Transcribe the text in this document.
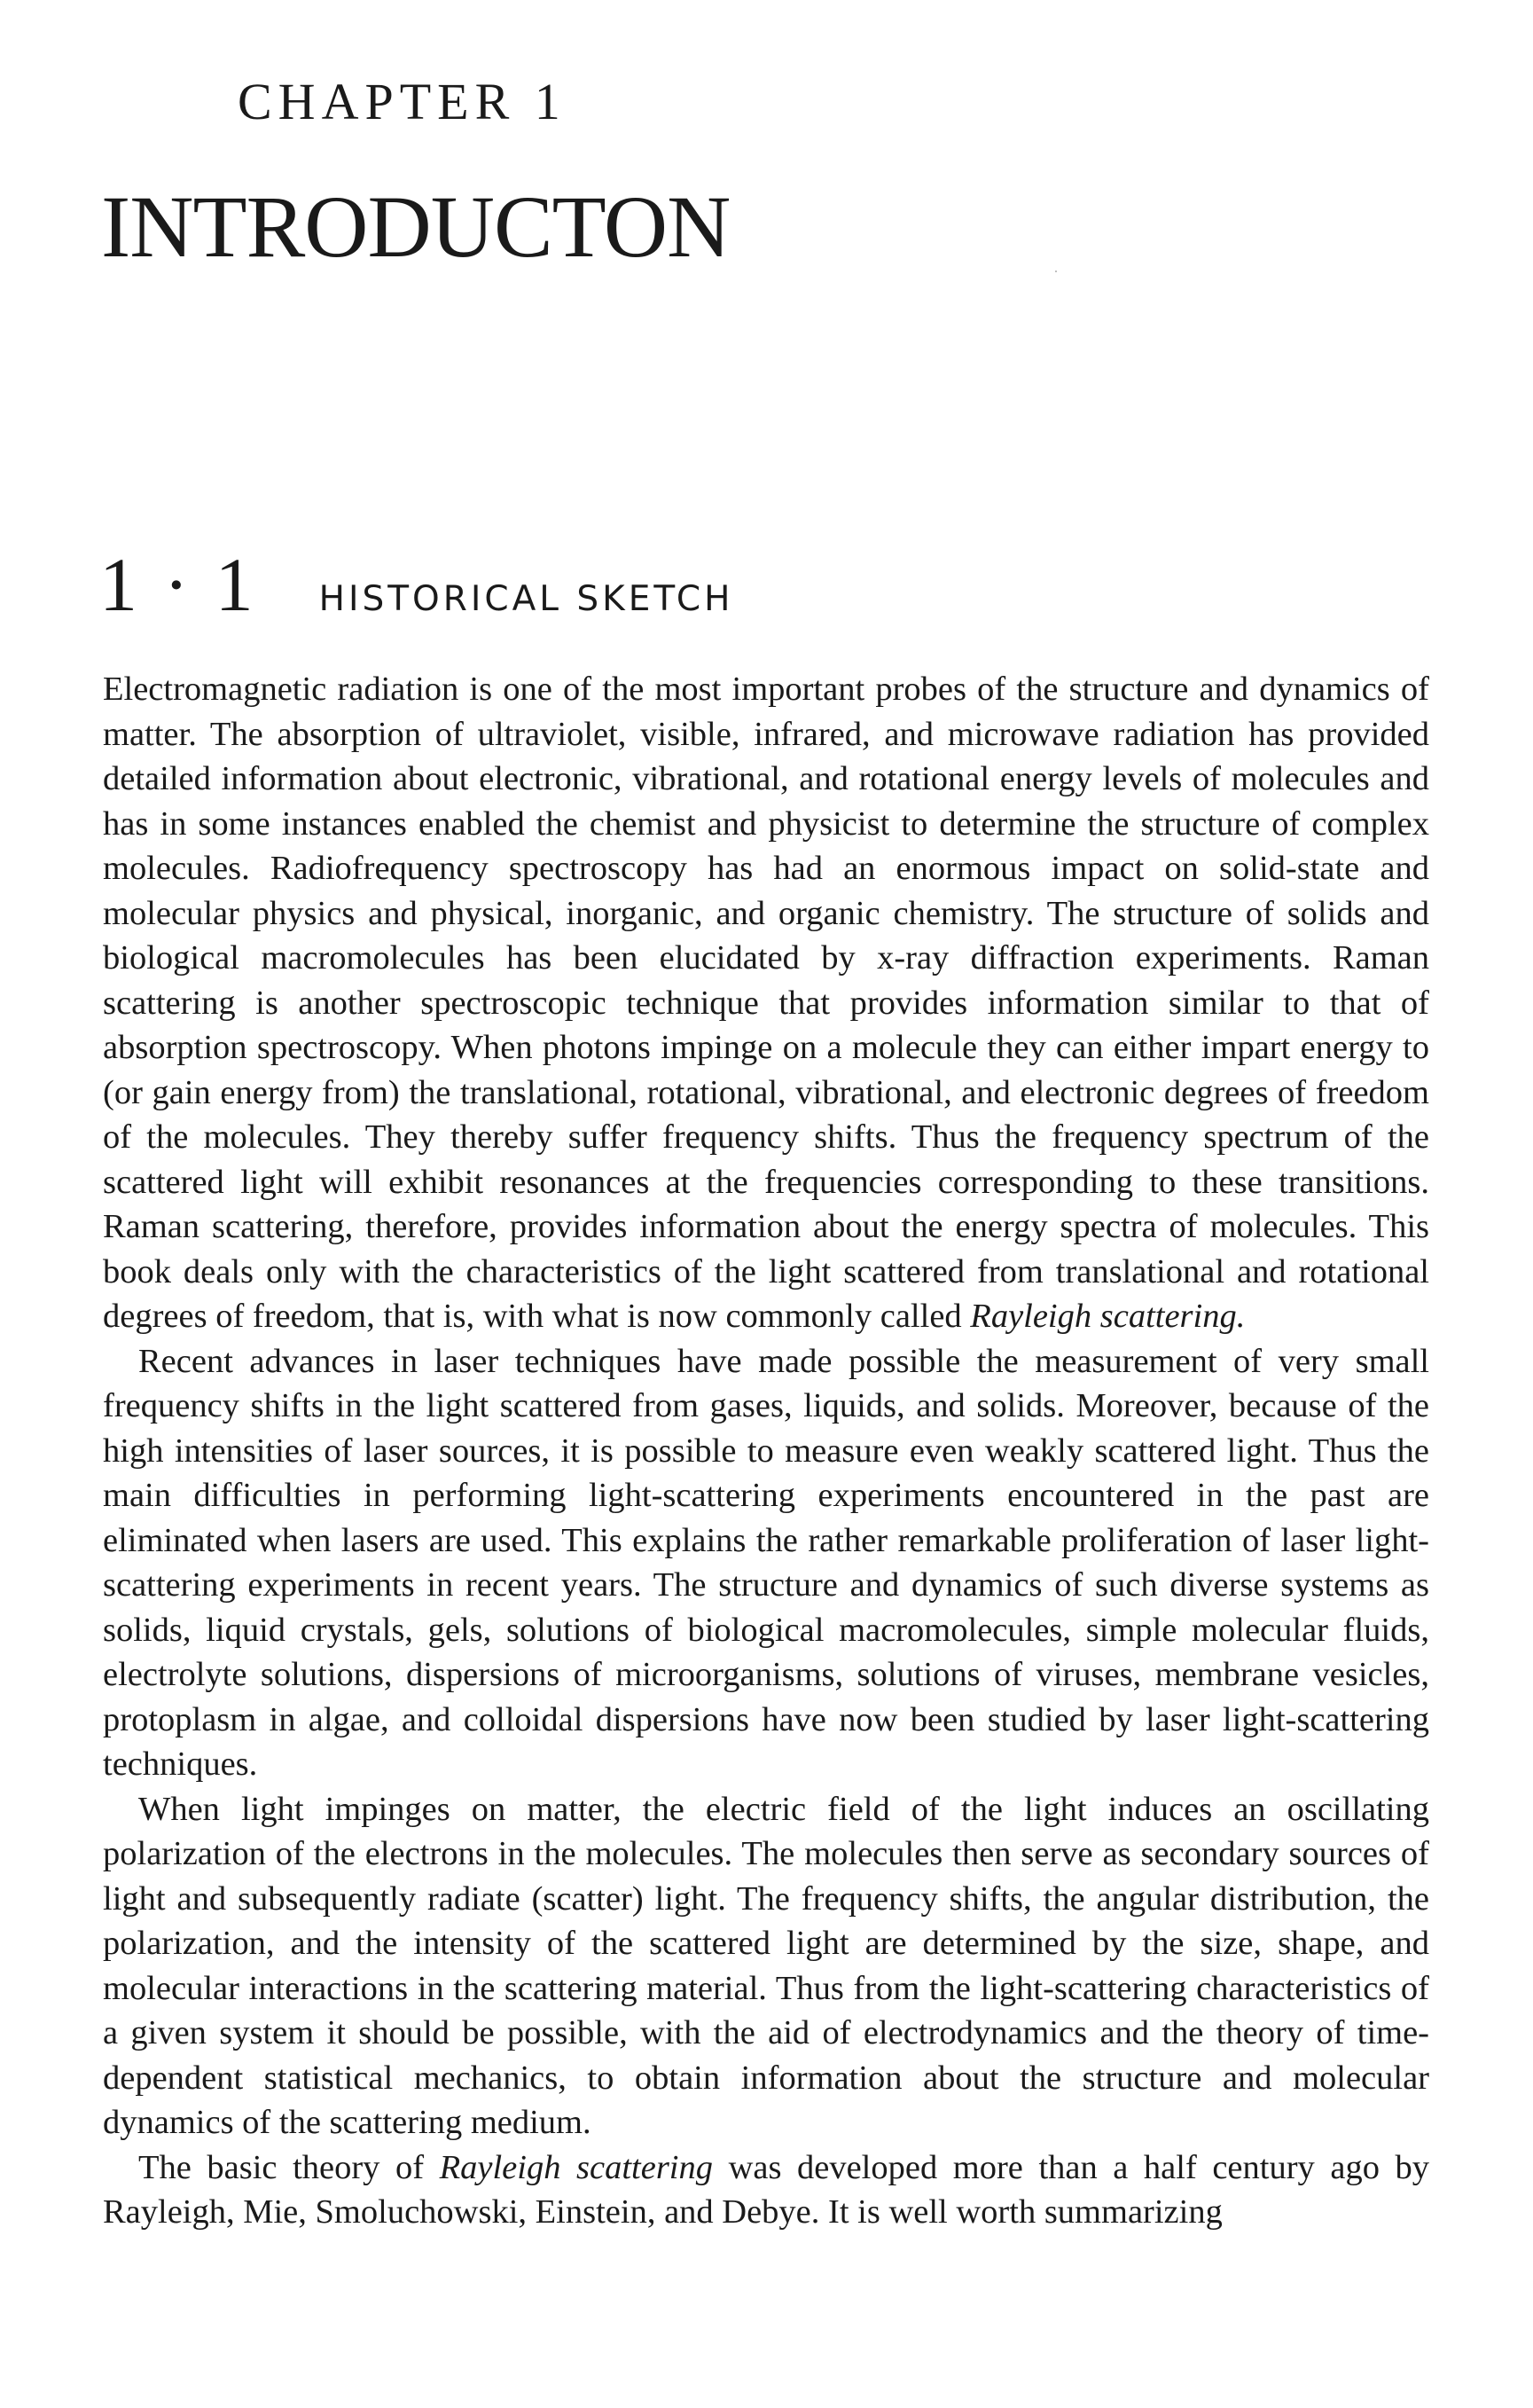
CHAPTER 1
INTRODUCTON
1 · 1 HISTORICAL SKETCH

Electromagnetic radiation is one of the most important probes of the structure and dynamics of matter. The absorption of ultraviolet, visible, infrared, and microwave radiation has provided detailed information about electronic, vibrational, and rotational energy levels of molecules and has in some instances enabled the chemist and physicist to determine the structure of complex molecules. Radiofrequency spectroscopy has had an enormous impact on solid-state and molecular physics and physical, inorganic, and organic chemistry. The structure of solids and biological macromolecules has been elucidated by x-ray diffraction experiments. Raman scattering is another spectroscopic technique that provides information similar to that of absorption spectroscopy. When photons impinge on a molecule they can either impart energy to (or gain energy from) the translational, rotational, vibrational, and electronic degrees of freedom of the molecules. They thereby suffer frequency shifts. Thus the frequency spectrum of the scattered light will exhibit resonances at the frequencies corresponding to these transitions. Raman scattering, therefore, provides information about the energy spectra of molecules. This book deals only with the characteristics of the light scattered from translational and rotational degrees of freedom, that is, with what is now commonly called Rayleigh scattering.

Recent advances in laser techniques have made possible the measurement of very small frequency shifts in the light scattered from gases, liquids, and solids. Moreover, because of the high intensities of laser sources, it is possible to measure even weakly scattered light. Thus the main difficulties in performing light-scattering experiments encountered in the past are eliminated when lasers are used. This explains the rather remarkable proliferation of laser light-scattering experiments in recent years. The structure and dynamics of such diverse systems as solids, liquid crystals, gels, solutions of biological macromolecules, simple molecular fluids, electrolyte solutions, dispersions of microorganisms, solutions of viruses, membrane vesicles, protoplasm in algae, and colloidal dispersions have now been studied by laser light-scattering techniques.

When light impinges on matter, the electric field of the light induces an oscillating polarization of the electrons in the molecules. The molecules then serve as secondary sources of light and subsequently radiate (scatter) light. The frequency shifts, the angular distribution, the polarization, and the intensity of the scattered light are determined by the size, shape, and molecular interactions in the scattering material. Thus from the light-scattering characteristics of a given system it should be possible, with the aid of electrodynamics and the theory of time-dependent statistical mechanics, to obtain information about the structure and molecular dynamics of the scattering medium.

The basic theory of Rayleigh scattering was developed more than a half century ago by Rayleigh, Mie, Smoluchowski, Einstein, and Debye. It is well worth summarizing
